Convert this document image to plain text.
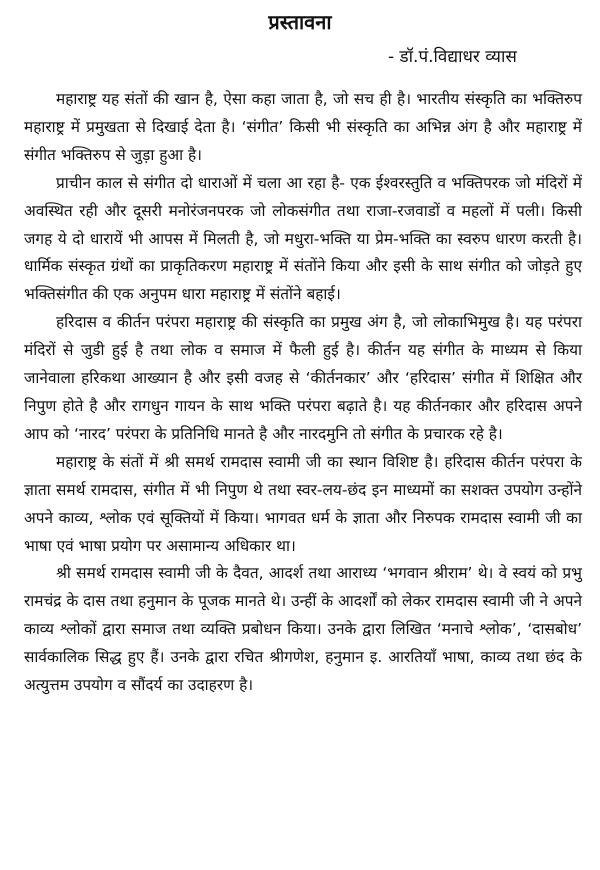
प्रस्तावना

- डॉ.पं.विद्याधर व्यास

महाराष्ट्र यह संतों की खान है, ऐसा कहा जाता है, जो सच ही है। भारतीय संस्कृति का भक्तिरुप महाराष्ट्र में प्रमुखता से दिखाई देता है। ‘संगीत’ किसी भी संस्कृति का अभिन्न अंग है और महाराष्ट्र में संगीत भक्तिरुप से जुड़ा हुआ है।

प्राचीन काल से संगीत दो धाराओं में चला आ रहा है- एक ईश्वरस्तुति व भक्तिपरक जो मंदिरों में अवस्थित रही और दूसरी मनोरंजनपरक जो लोकसंगीत तथा राजा-रजवाडों व महलों में पली। किसी जगह ये दो धारायें भी आपस में मिलती है, जो मधुरा-भक्ति या प्रेम-भक्ति का स्वरुप धारण करती है। धार्मिक संस्कृत ग्रंथों का प्राकृतिकरण महाराष्ट्र में संतोंने किया और इसी के साथ संगीत को जोड़ते हुए भक्तिसंगीत की एक अनुपम धारा महाराष्ट्र में संतोंने बहाई।

हरिदास व कीर्तन परंपरा महाराष्ट्र की संस्कृति का प्रमुख अंग है, जो लोकाभिमुख है। यह परंपरा मंदिरों से जुडी हुई है तथा लोक व समाज में फैली हुई है। कीर्तन यह संगीत के माध्यम से किया जानेवाला हरिकथा आख्यान है और इसी वजह से ‘कीर्तनकार’ और ‘हरिदास’ संगीत में शिक्षित और निपुण होते है और रागधुन गायन के साथ भक्ति परंपरा बढ़ाते है। यह कीर्तनकार और हरिदास अपने आप को ‘नारद’ परंपरा के प्रतिनिधि मानते है और नारदमुनि तो संगीत के प्रचारक रहे है।

महाराष्ट्र के संतों में श्री समर्थ रामदास स्वामी जी का स्थान विशिष्ट है। हरिदास कीर्तन परंपरा के ज्ञाता समर्थ रामदास, संगीत में भी निपुण थे तथा स्वर-लय-छंद इन माध्यमों का सशक्त उपयोग उन्होंने अपने काव्य, श्लोक एवं सूक्तियों में किया। भागवत धर्म के ज्ञाता और निरुपक रामदास स्वामी जी का भाषा एवं भाषा प्रयोग पर असामान्य अधिकार था।

श्री समर्थ रामदास स्वामी जी के दैवत, आदर्श तथा आराध्य ‘भगवान श्रीराम’ थे। वे स्वयं को प्रभु रामचंद्र के दास तथा हनुमान के पूजक मानते थे। उन्हीं के आदर्शों को लेकर रामदास स्वामी जी ने अपने काव्य श्लोकों द्वारा समाज तथा व्यक्ति प्रबोधन किया। उनके द्वारा लिखित ‘मनाचे श्लोक’, ‘दासबोध’ सार्वकालिक सिद्ध हुए हैं। उनके द्वारा रचित श्रीगणेश, हनुमान इ. आरतियाँ भाषा, काव्य तथा छंद के अत्युत्तम उपयोग व सौंदर्य का उदाहरण है।
